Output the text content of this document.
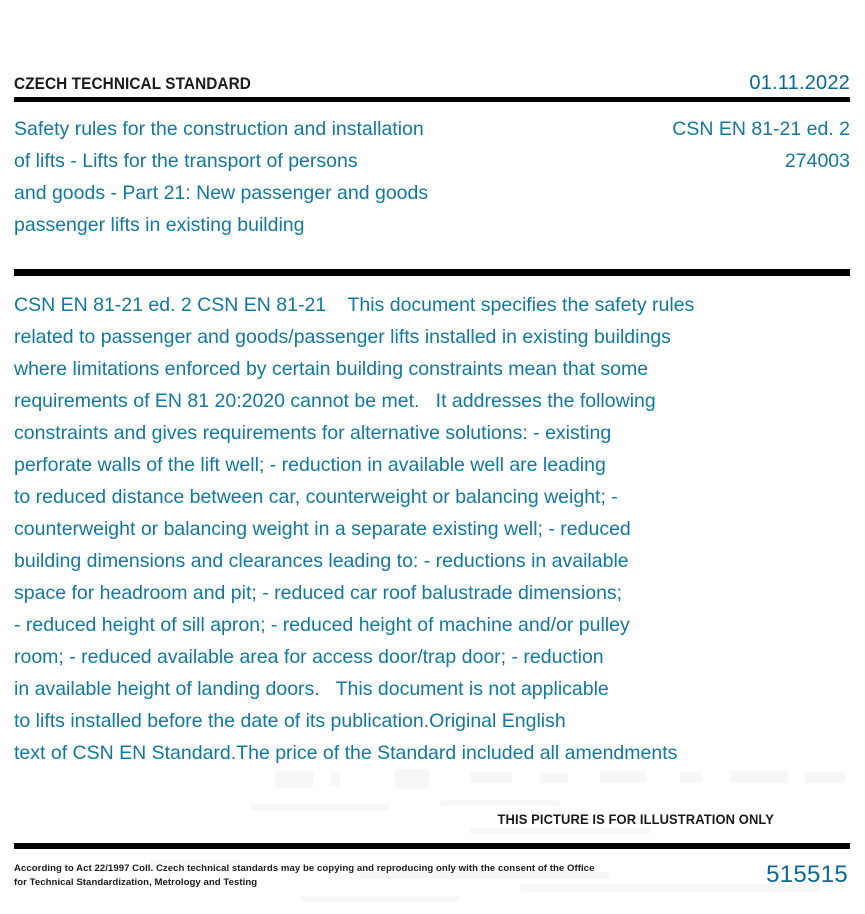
CZECH TECHNICAL STANDARD	01.11.2022
Safety rules for the construction and installation
of lifts - Lifts for the transport of persons
and goods - Part 21: New passenger and goods
passenger lifts in existing building
CSN EN 81-21 ed. 2
274003
CSN EN 81-21 ed. 2 CSN EN 81-21    This document specifies the safety rules
related to passenger and goods/passenger lifts installed in existing buildings
where limitations enforced by certain building constraints mean that some
requirements of EN 81 20:2020 cannot be met.   It addresses the following
constraints and gives requirements for alternative solutions: - existing
perforate walls of the lift well; - reduction in available well are leading
to reduced distance between car, counterweight or balancing weight; -
counterweight or balancing weight in a separate existing well; - reduced
building dimensions and clearances leading to: - reductions in available
space for headroom and pit; - reduced car roof balustrade dimensions;
- reduced height of sill apron; - reduced height of machine and/or pulley
room; - reduced available area for access door/trap door; - reduction
in available height of landing doors.   This document is not applicable
to lifts installed before the date of its publication.Original English
text of CSN EN Standard.The price of the Standard included all amendments
THIS PICTURE IS FOR ILLUSTRATION ONLY
According to Act 22/1997 Coll. Czech technical standards may be copying and reproducing only with the consent of the Office
for Technical Standardization, Metrology and Testing	515515
